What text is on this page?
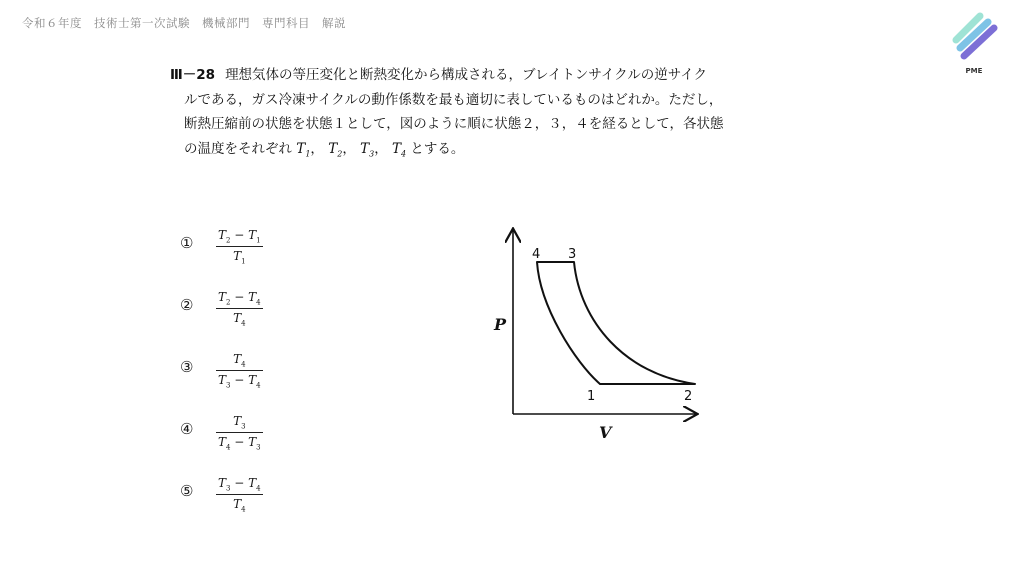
令和６年度　技術士第一次試験　機械部門　専門科目　解説
PME
Ⅲ－28 理想気体の等圧変化と断熱変化から構成される，ブレイトンサイクルの逆サイク
ルである，ガス冷凍サイクルの動作係数を最も適切に表しているものはどれか。ただし，
断熱圧縮前の状態を状態１として，図のように順に状態２，３，４を経るとして，各状態
の温度をそれぞれ $T_1$， $T_2$， $T_3$， $T_4$ とする。
①	$\frac{T_2 - T_1}{T_1}$
②	$\frac{T_2 - T_4}{T_4}$
③	$\frac{T_4}{T_3 - T_4}$
④	$\frac{T_3}{T_4 - T_3}$
⑤	$\frac{T_3 - T_4}{T_4}$
P
V
1	2
3
4
